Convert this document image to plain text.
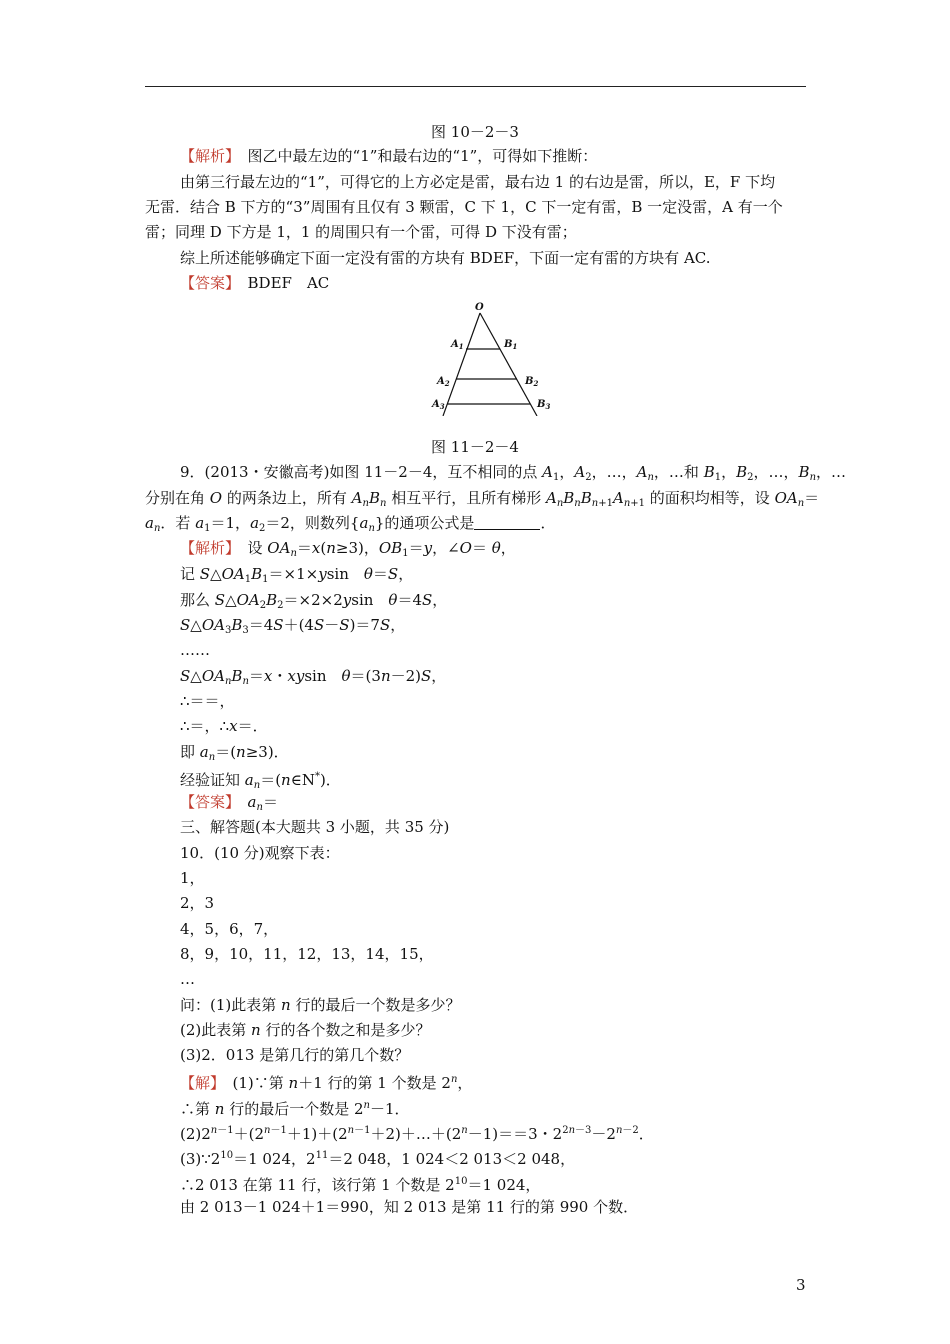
图 10－2－3
【解析】　 图乙中最左边的“1”和最右边的“1”，可得如下推断：
由第三行最左边的“1”，可得它的上方必定是雷，最右边 1 的右边是雷，所以，E，F 下均
无雷．结合 B 下方的“3”周围有且仅有 3 颗雷，C 下 1，C 下一定有雷，B 一定没雷，A 有一个
雷；同理 D 下方是 1，1 的周围只有一个雷，可得 D 下没有雷；
综上所述能够确定下面一定没有雷的方块有 BDEF，下面一定有雷的方块有 AC.
【答案】　 BDEF　AC
O
$A_1$	$B_1$
$A_2$	$B_2$
$A_3$	$B_3$
图 11－2－4
9．(2013・安徽高考)如图 11－2－4，互不相同的点 $A_1$，$A_2$，…，$A_n$，…和 $B_1$，$B_2$，…，$B_n$，…
分别在角 O 的两条边上，所有 $A_nB_n$ 相互平行，且所有梯形 $A_nB_nB_{n+1}A_{n+1}$ 的面积均相等，设 $OA_n=$
$a_n$．若 $a_1=1$，$a_2=2$，则数列$\{a_n\}$的通项公式是	．
【解析】　设 $OA_n=x(n\ge 3)$，$OB_1=y$，∠O＝ θ，
记 $S\triangle OA_1B_1=\times 1\times ysin$　θ＝S，
那么 $S\triangle OA_2B_2=\times 2\times 2ysin$　θ＝4S，
$S\triangle OA_3B_3=4S+(4S-S)=7S$，
……
$S\triangle OA_nB_n=x$・xysin　θ＝(3n－2)S，
∴＝＝，
∴＝，∴x＝．
即 $a_n=(n\ge 3)$．
经验证知 $a_n=(n\in N^*)$．
【答案】　 $a_n=$
三、解答题(本大题共 3 小题，共 35 分)
10．(10 分)观察下表：
1，
2，3
4，5，6，7，
8，9，10，11，12，13，14，15，
…
问：(1)此表第 n 行的最后一个数是多少？
(2)此表第 n 行的各个数之和是多少？
(3)2．013 是第几行的第几个数？
【解】　(1)∵第 n＋1 行的第 1 个数是 2$^n$，
∴第 n 行的最后一个数是 $2^n-1$．
$(2)2^{n-1}+(2^{n-1}+1)+(2^{n-1}+2)+\dots+(2^n-1)==3$・$2^{2n-3}-2^{n-2}$．
$(3)\because 2^{10}=1$ 024，$2^{11}=2$ 048，1 024＜2 013＜2 048，
∴2 013 在第 11 行，该行第 1 个数是 $2^{10}=1$ 024，
由 2 013－1 024＋1＝990，知 2 013 是第 11 行的第 990 个数．
3
